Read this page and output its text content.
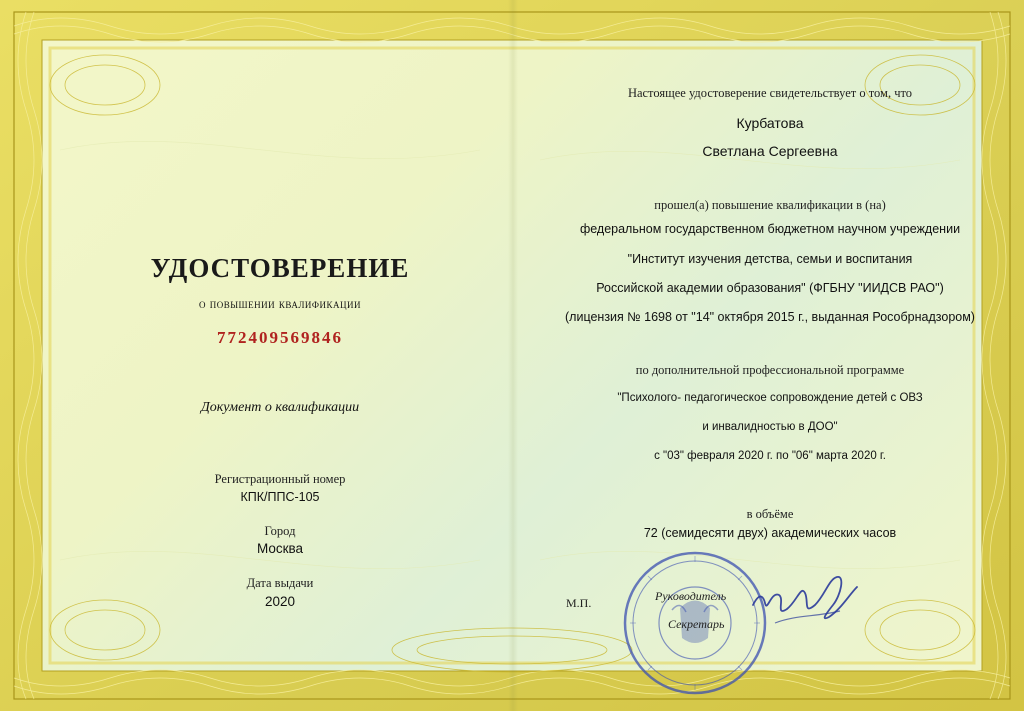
УДОСТОВЕРЕНИЕ
о повышении квалификации
772409569846
Документ о квалификации
Регистрационный номер
КПК/ППС-105
Город
Москва
Дата выдачи
2020
Настоящее удостоверение свидетельствует о том, что
Курбатова
Светлана Сергеевна
прошел(а) повышение квалификации в (на)
федеральном государственном бюджетном научном учреждении
"Институт изучения детства, семьи и воспитания
Российской академии образования" (ФГБНУ "ИИДСВ РАО")
(лицензия № 1698 от "14" октября 2015 г., выданная Рособрнадзором)
по дополнительной профессиональной программе
"Психолого- педагогическое сопровождение детей с ОВЗ
и инвалидностью в ДОО"
с "03" февраля 2020 г. по "06" марта 2020 г.
в объёме
72 (семидесяти двух) академических часов
М.П.	Руководитель
Секретарь
